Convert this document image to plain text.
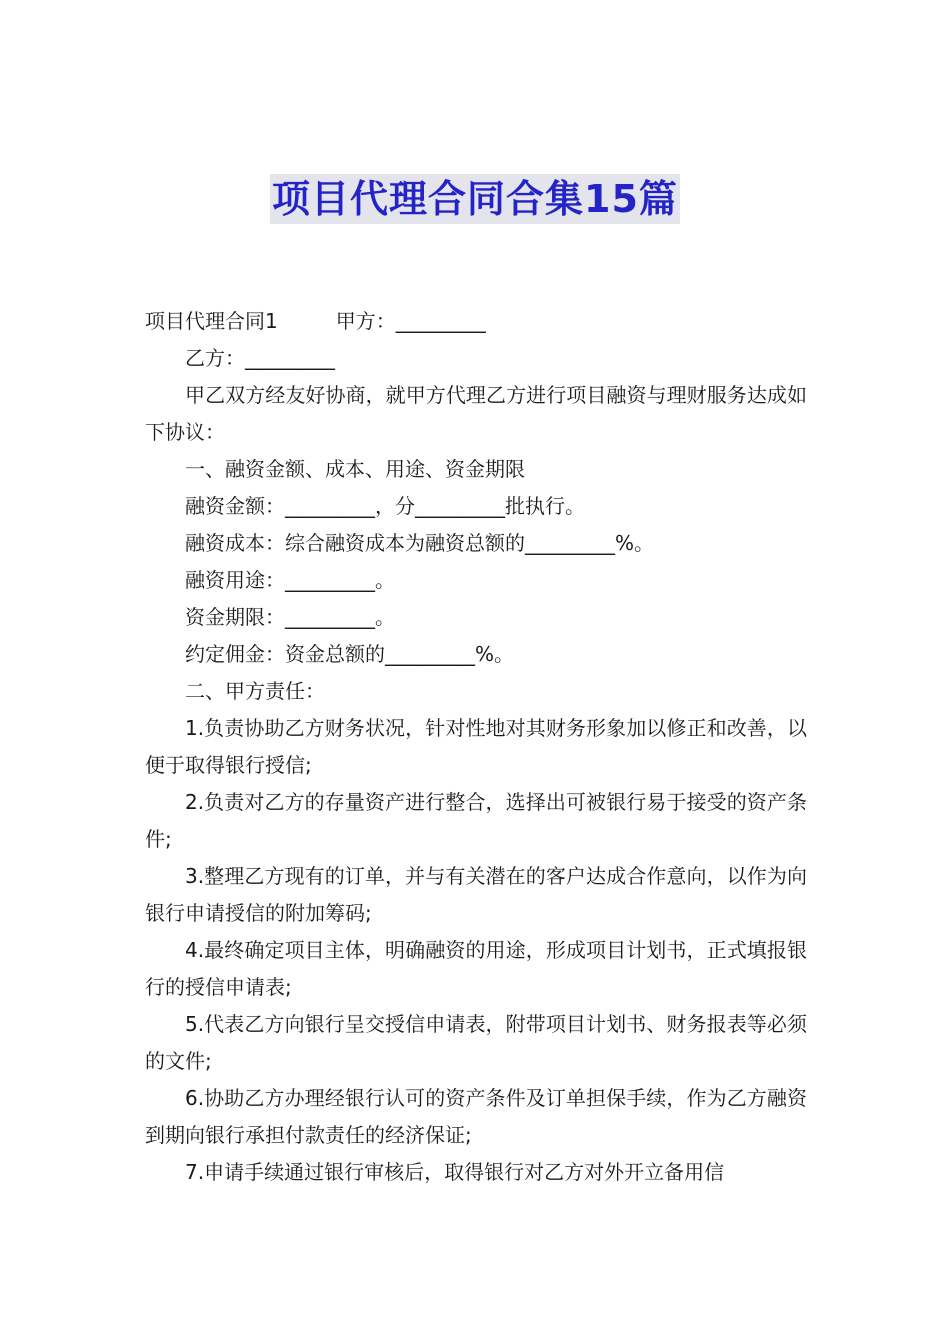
项目代理合同合集15篇

项目代理合同1	甲方：_________

乙方：_________

甲乙双方经友好协商，就甲方代理乙方进行项目融资与理财服务达成如下协议：

一、融资金额、成本、用途、资金期限

融资金额：_________，分_________批执行。

融资成本：综合融资成本为融资总额的_________%。

融资用途：_________。

资金期限：_________。

约定佣金：资金总额的_________%。

二、甲方责任：

1.负责协助乙方财务状况，针对性地对其财务形象加以修正和改善，以便于取得银行授信;

2.负责对乙方的存量资产进行整合，选择出可被银行易于接受的资产条件;

3.整理乙方现有的订单，并与有关潜在的客户达成合作意向，以作为向银行申请授信的附加筹码;

4.最终确定项目主体，明确融资的用途，形成项目计划书，正式填报银行的授信申请表;

5.代表乙方向银行呈交授信申请表，附带项目计划书、财务报表等必须的文件;

6.协助乙方办理经银行认可的资产条件及订单担保手续，作为乙方融资到期向银行承担付款责任的经济保证;

7.申请手续通过银行审核后，取得银行对乙方对外开立备用信
